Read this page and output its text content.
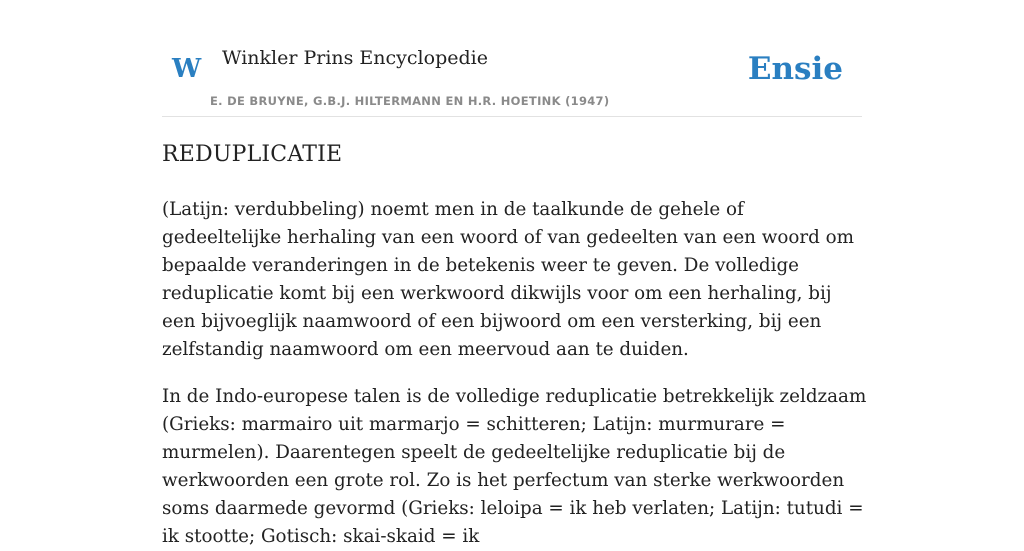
W Winkler Prins Encyclopedie
E. DE BRUYNE, G.B.J. HILTERMANN EN H.R. HOETINK (1947)
Ensie
REDUPLICATIE

(Latijn: verdubbeling) noemt men in de taalkunde de gehele of gedeeltelijke herhaling van een woord of van gedeelten van een woord om bepaalde veranderingen in de betekenis weer te geven. De volledige reduplicatie komt bij een werkwoord dikwijls voor om een herhaling, bij een bijvoeglijk naamwoord of een bijwoord om een versterking, bij een zelfstandig naamwoord om een meervoud aan te duiden.

In de Indo-europese talen is de volledige reduplicatie betrekkelijk zeldzaam (Grieks: marmairo uit marmarjo = schitteren; Latijn: murmurare = murmelen). Daarentegen speelt de gedeeltelijke reduplicatie bij de werkwoorden een grote rol. Zo is het perfectum van sterke werkwoorden soms daarmede gevormd (Grieks: leloipa = ik heb verlaten; Latijn: tutudi = ik stootte; Gotisch: skai-skaid = ik
